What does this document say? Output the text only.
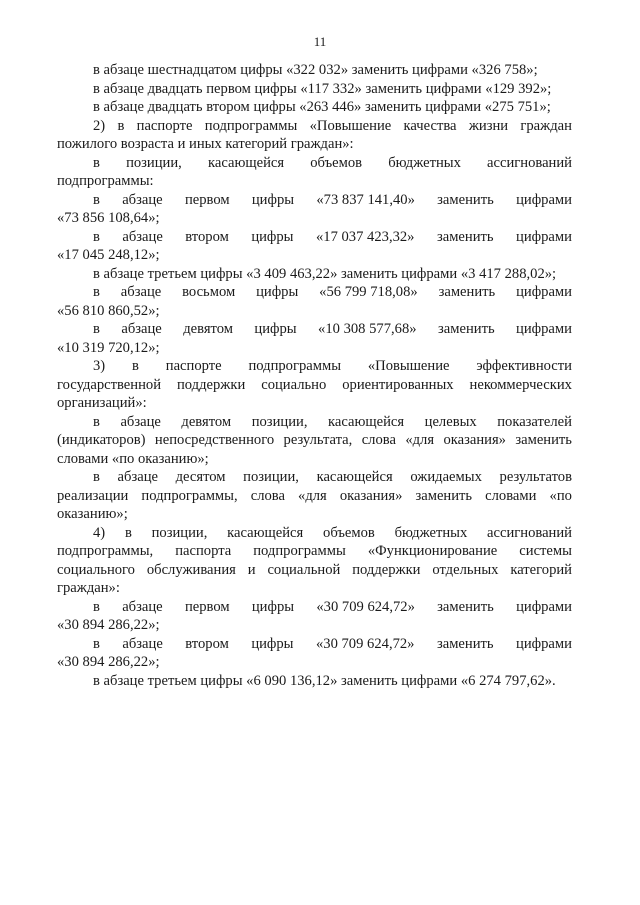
11
в абзаце шестнадцатом цифры «322 032» заменить цифрами «326 758»;
в абзаце двадцать первом цифры «117 332» заменить цифрами «129 392»;
в абзаце двадцать втором цифры «263 446» заменить цифрами «275 751»;
2) в паспорте подпрограммы «Повышение качества жизни граждан
пожилого возраста и иных категорий граждан»:
в позиции, касающейся объемов бюджетных ассигнований
подпрограммы:
в абзаце первом цифры «73 837 141,40» заменить цифрами
«73 856 108,64»;
в абзаце втором цифры «17 037 423,32» заменить цифрами
«17 045 248,12»;
в абзаце третьем цифры «3 409 463,22» заменить цифрами «3 417 288,02»;
в абзаце восьмом цифры «56 799 718,08» заменить цифрами
«56 810 860,52»;
в абзаце девятом цифры «10 308 577,68» заменить цифрами
«10 319 720,12»;
3) в паспорте подпрограммы «Повышение эффективности
государственной поддержки социально ориентированных некоммерческих
организаций»:
в абзаце девятом позиции, касающейся целевых показателей
(индикаторов) непосредственного результата, слова «для оказания» заменить
словами «по оказанию»;
в абзаце десятом позиции, касающейся ожидаемых результатов
реализации подпрограммы, слова «для оказания» заменить словами «по
оказанию»;
4) в позиции, касающейся объемов бюджетных ассигнований
подпрограммы, паспорта подпрограммы «Функционирование системы
социального обслуживания и социальной поддержки отдельных категорий
граждан»:
в абзаце первом цифры «30 709 624,72» заменить цифрами
«30 894 286,22»;
в абзаце втором цифры «30 709 624,72» заменить цифрами
«30 894 286,22»;
в абзаце третьем цифры «6 090 136,12» заменить цифрами «6 274 797,62».
